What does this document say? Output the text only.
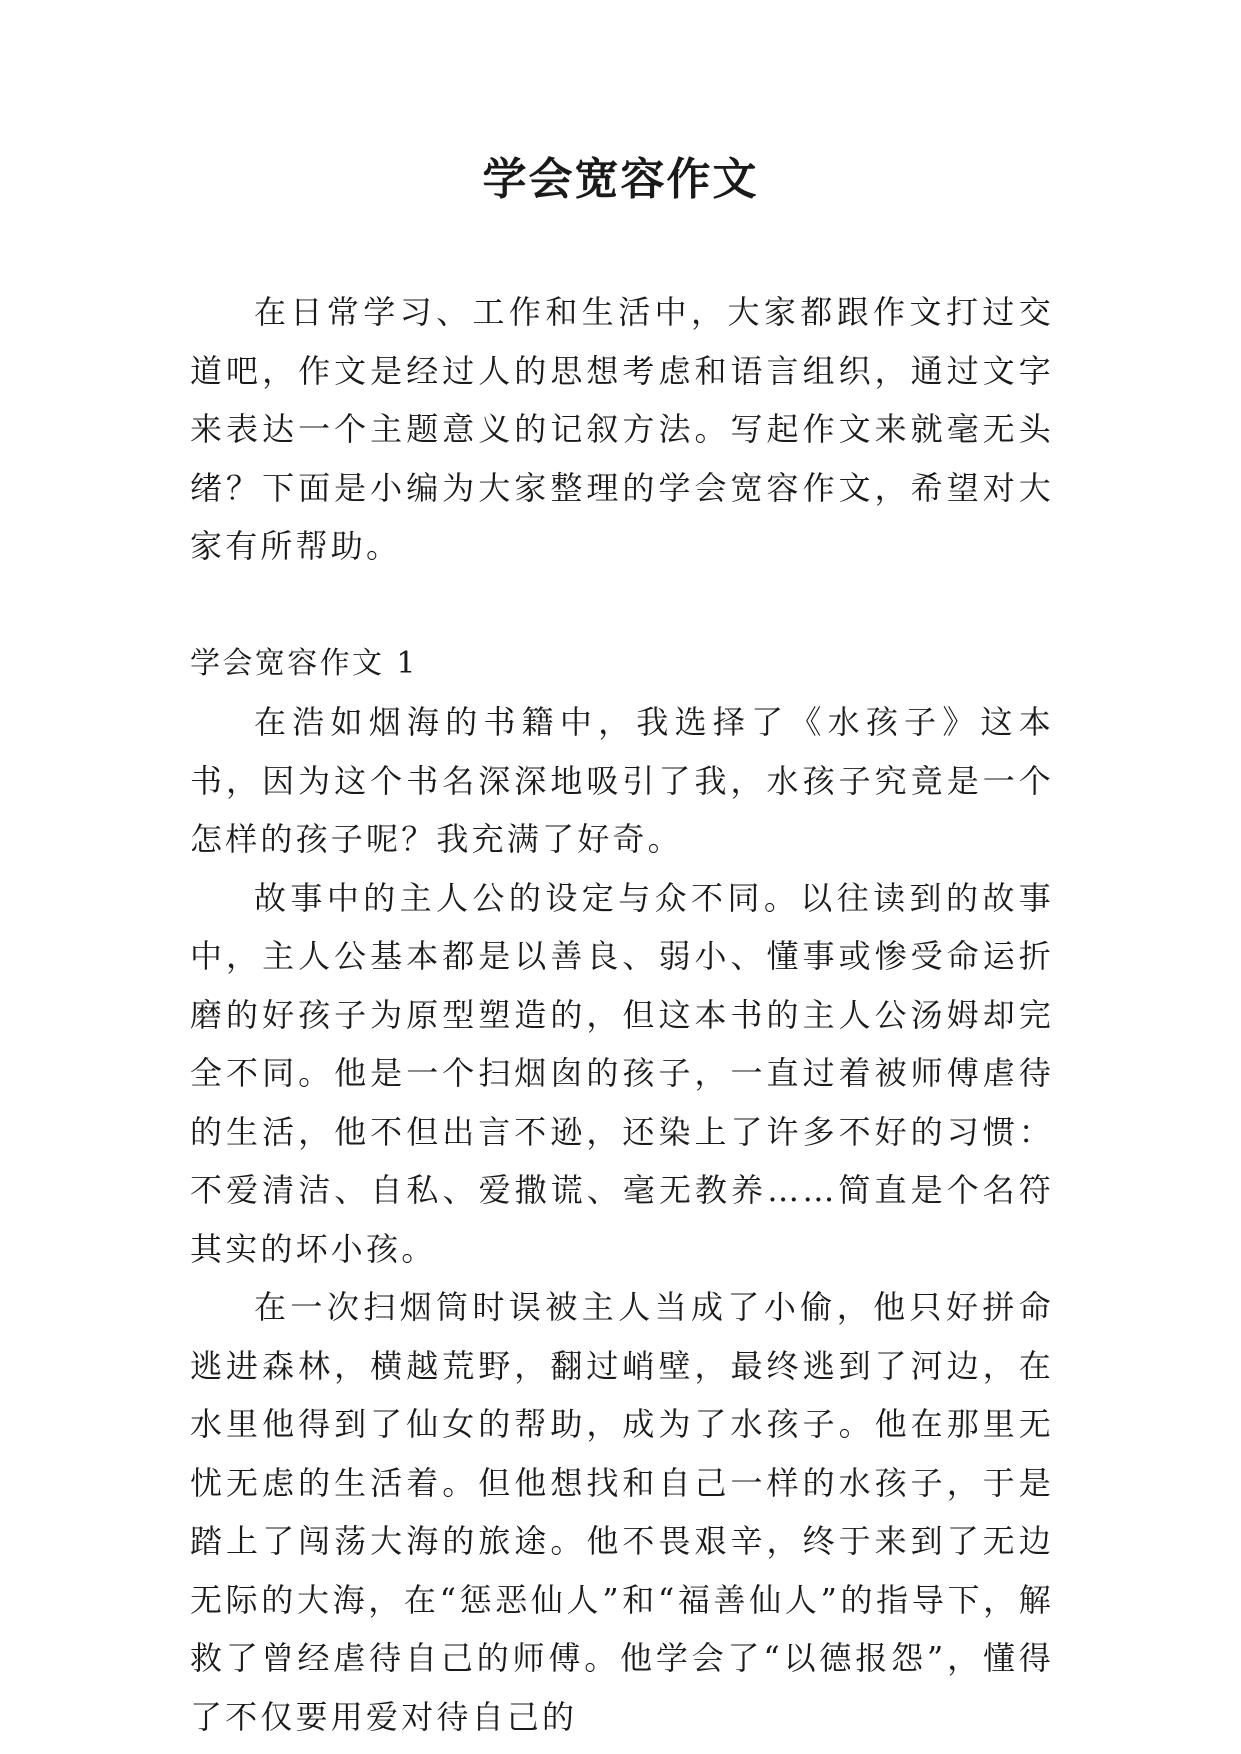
学会宽容作文

在日常学习、工作和生活中，大家都跟作文打过交道吧，作文是经过人的思想考虑和语言组织，通过文字来表达一个主题意义的记叙方法。写起作文来就毫无头绪？下面是小编为大家整理的学会宽容作文，希望对大家有所帮助。

学会宽容作文 1

在浩如烟海的书籍中，我选择了《水孩子》这本书，因为这个书名深深地吸引了我，水孩子究竟是一个怎样的孩子呢？我充满了好奇。

故事中的主人公的设定与众不同。以往读到的故事中，主人公基本都是以善良、弱小、懂事或惨受命运折磨的好孩子为原型塑造的，但这本书的主人公汤姆却完全不同。他是一个扫烟囱的孩子，一直过着被师傅虐待的生活，他不但出言不逊，还染上了许多不好的习惯：不爱清洁、自私、爱撒谎、毫无教养……简直是个名符其实的坏小孩。

在一次扫烟筒时误被主人当成了小偷，他只好拼命逃进森林，横越荒野，翻过峭壁，最终逃到了河边，在水里他得到了仙女的帮助，成为了水孩子。他在那里无忧无虑的生活着。但他想找和自己一样的水孩子，于是踏上了闯荡大海的旅途。他不畏艰辛，终于来到了无边无际的大海，在“惩恶仙人”和“福善仙人”的指导下，解救了曾经虐待自己的师傅。他学会了“以德报怨”，懂得了不仅要用爱对待自己的
